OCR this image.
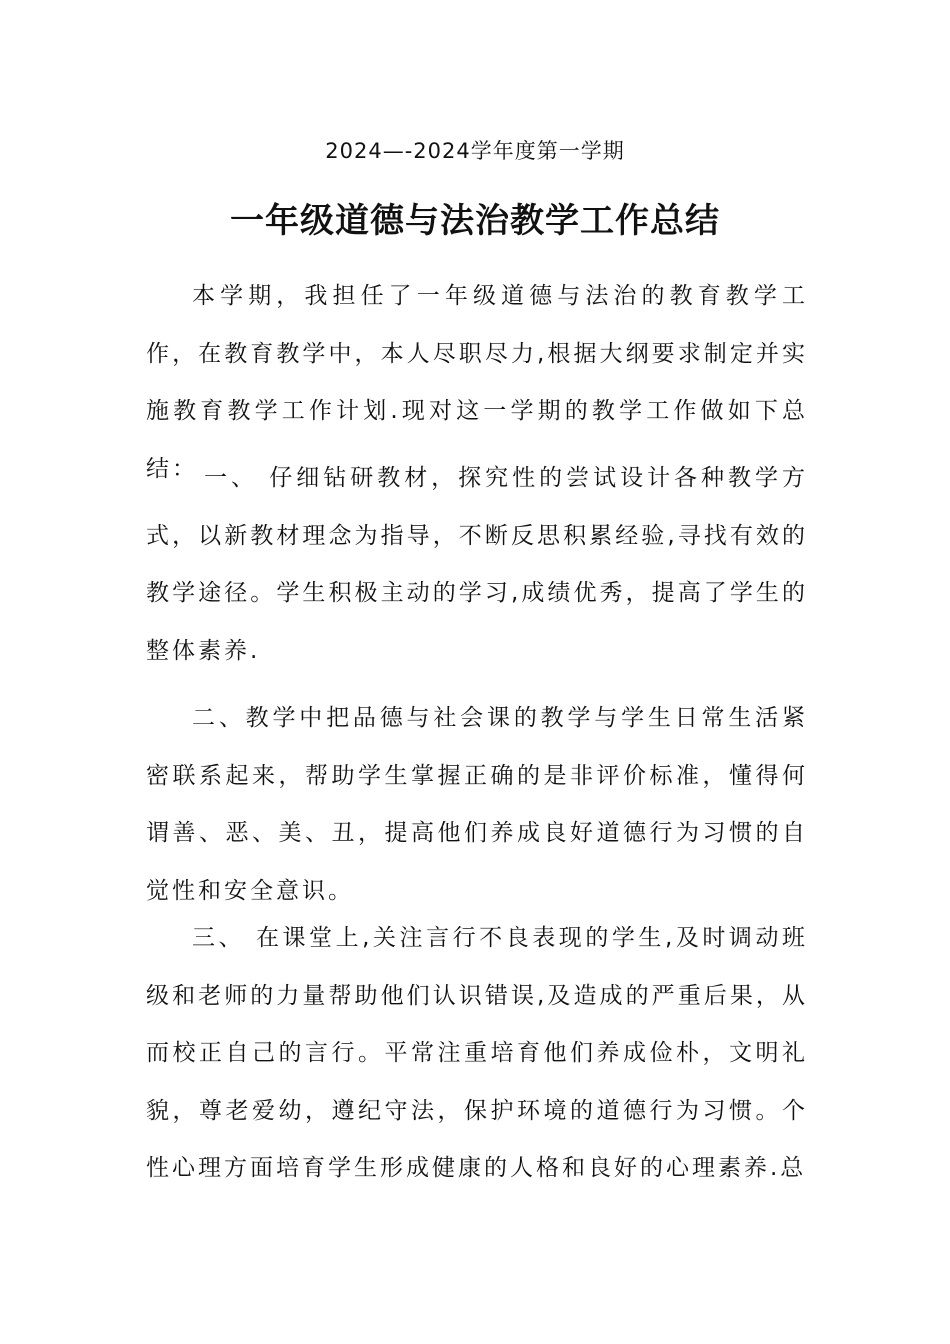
2024—-2024学年度第一学期
一年级道德与法治教学工作总结

本学期，我担任了一年级道德与法治的教育教学工作，在教育教学中，本人尽职尽力,根据大纲要求制定并实施教育教学工作计划.现对这一学期的教学工作做如下总结： 一、 仔细钻研教材，探究性的尝试设计各种教学方式，以新教材理念为指导，不断反思积累经验,寻找有效的教学途径。学生积极主动的学习,成绩优秀，提高了学生的整体素养.

二、教学中把品德与社会课的教学与学生日常生活紧密联系起来，帮助学生掌握正确的是非评价标准，懂得何谓善、恶、美、丑，提高他们养成良好道德行为习惯的自觉性和安全意识。

三、 在课堂上,关注言行不良表现的学生,及时调动班级和老师的力量帮助他们认识错误,及造成的严重后果，从而校正自己的言行。平常注重培育他们养成俭朴，文明礼貌，尊老爱幼，遵纪守法，保护环境的道德行为习惯。个性心理方面培育学生形成健康的人格和良好的心理素养.总
